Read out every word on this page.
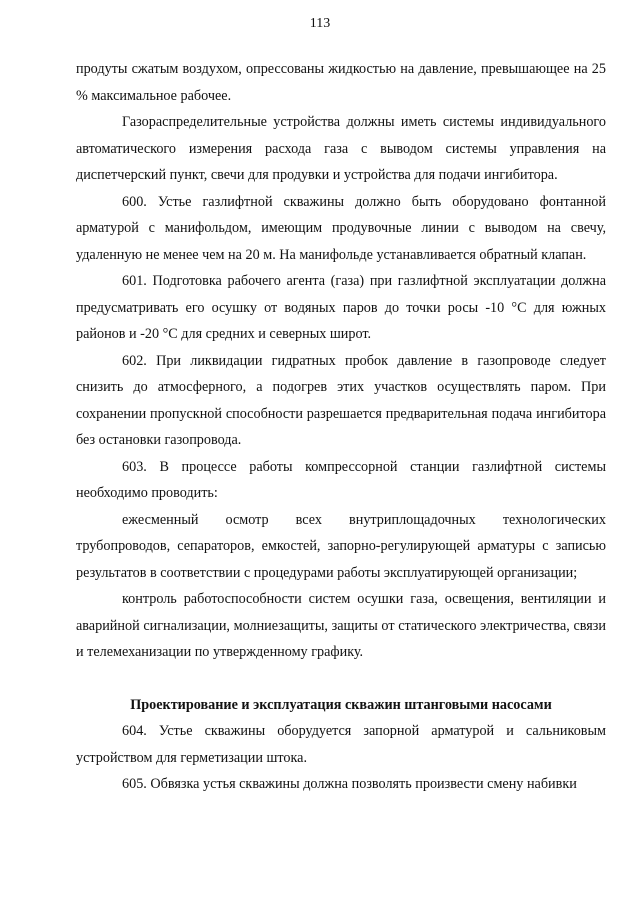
113

продуты сжатым воздухом, опрессованы жидкостью на давление, превышающее на 25 % максимальное рабочее.

Газораспределительные устройства должны иметь системы индивидуального автоматического измерения расхода газа с выводом системы управления на диспетчерский пункт, свечи для продувки и устройства для подачи ингибитора.

600. Устье газлифтной скважины должно быть оборудовано фонтанной арматурой с манифольдом, имеющим продувочные линии с выводом на свечу, удаленную не менее чем на 20 м. На манифольде устанавливается обратный клапан.

601. Подготовка рабочего агента (газа) при газлифтной эксплуатации должна предусматривать его осушку от водяных паров до точки росы -10 °С для южных районов и -20 °С для средних и северных широт.

602. При ликвидации гидратных пробок давление в газопроводе следует снизить до атмосферного, а подогрев этих участков осуществлять паром. При сохранении пропускной способности разрешается предварительная подача ингибитора без остановки газопровода.

603. В процессе работы компрессорной станции газлифтной системы необходимо проводить:

ежесменный осмотр всех внутриплощадочных технологических трубопроводов, сепараторов, емкостей, запорно-регулирующей арматуры с записью результатов в соответствии с процедурами работы эксплуатирующей организации;

контроль работоспособности систем осушки газа, освещения, вентиляции и аварийной сигнализации, молниезащиты, защиты от статического электричества, связи и телемеханизации по утвержденному графику.

Проектирование и эксплуатация скважин штанговыми насосами

604. Устье скважины оборудуется запорной арматурой и сальниковым устройством для герметизации штока.

605. Обвязка устья скважины должна позволять произвести смену набивки
